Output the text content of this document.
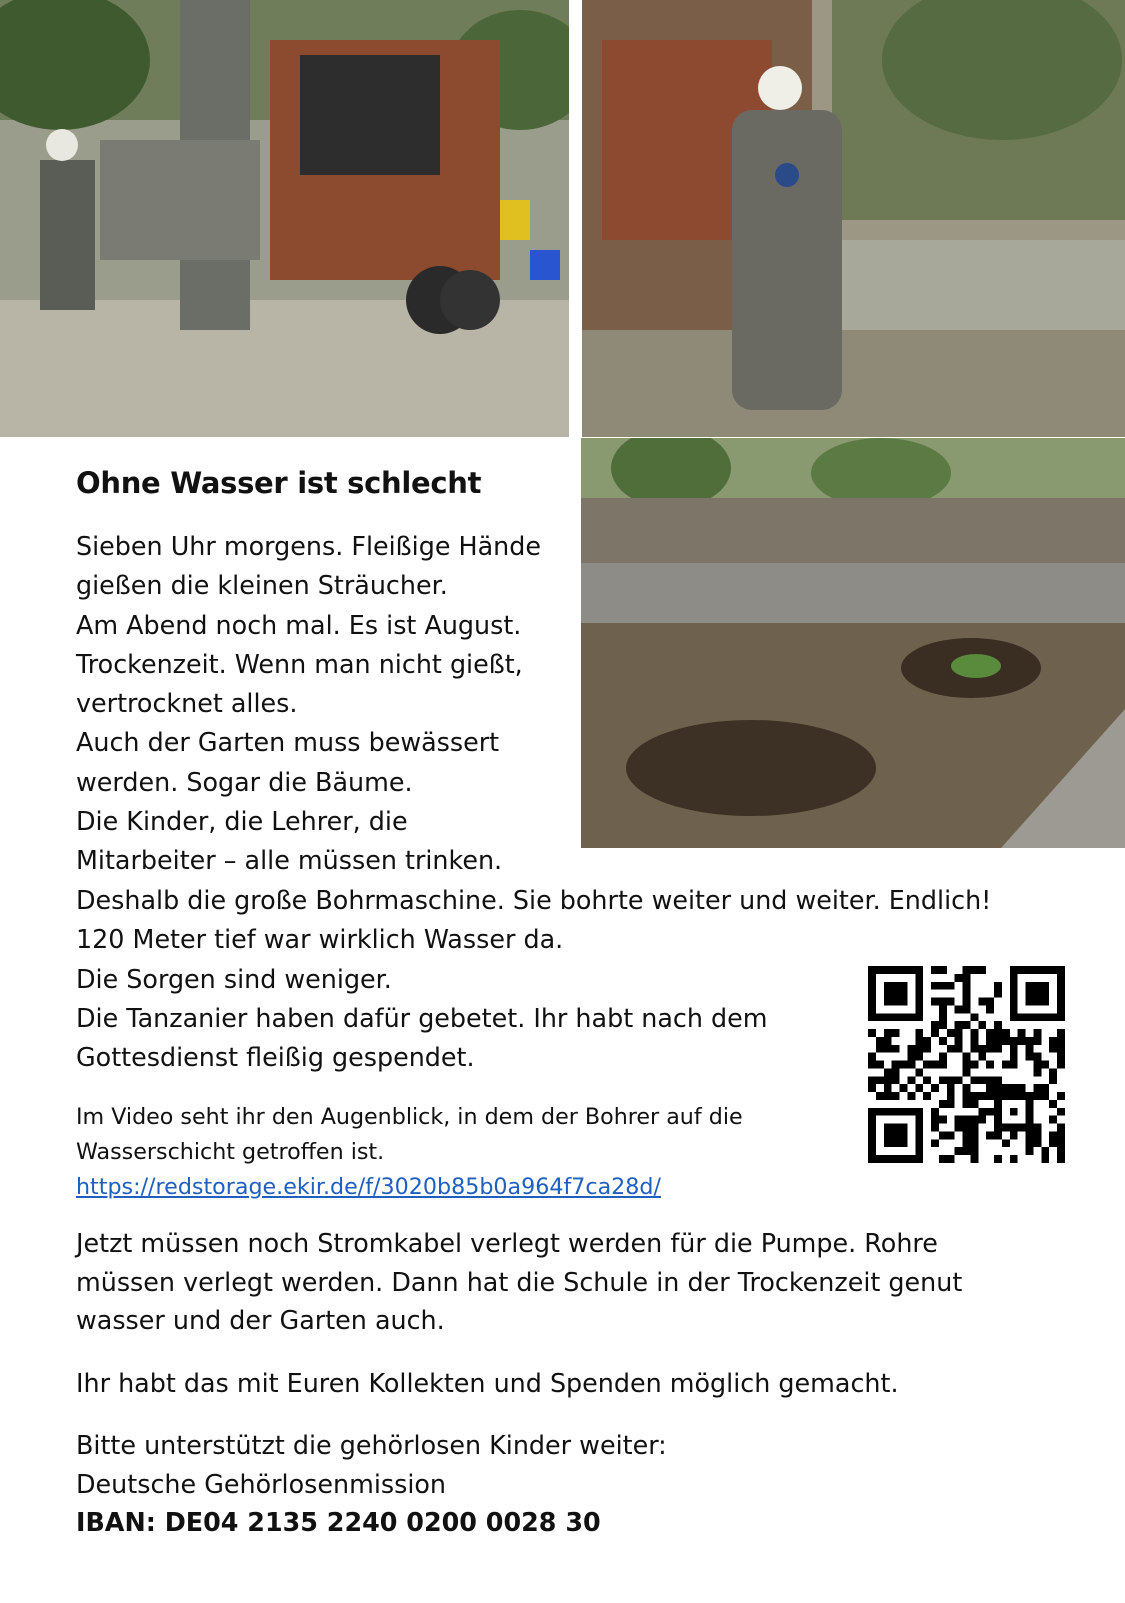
Ohne Wasser ist schlecht
Sieben Uhr morgens. Fleißige Hände
gießen die kleinen Sträucher.
Am Abend noch mal. Es ist August.
Trockenzeit. Wenn man nicht gießt,
vertrocknet alles.
Auch der Garten muss bewässert
werden. Sogar die Bäume.
Die Kinder, die Lehrer, die
Mitarbeiter – alle müssen trinken.
Deshalb die große Bohrmaschine. Sie bohrte weiter und weiter. Endlich!
120 Meter tief war wirklich Wasser da.
Die Sorgen sind weniger.
Die Tanzanier haben dafür gebetet. Ihr habt nach dem
Gottesdienst fleißig gespendet.
Im Video seht ihr den Augenblick, in dem der Bohrer auf die
Wasserschicht getroffen ist.
https://redstorage.ekir.de/f/3020b85b0a964f7ca28d/
Jetzt müssen noch Stromkabel verlegt werden für die Pumpe. Rohre
müssen verlegt werden. Dann hat die Schule in der Trockenzeit genut
wasser und der Garten auch.
Ihr habt das mit Euren Kollekten und Spenden möglich gemacht.
Bitte unterstützt die gehörlosen Kinder weiter:
Deutsche Gehörlosenmission
IBAN: DE04 2135 2240 0200 0028 30
